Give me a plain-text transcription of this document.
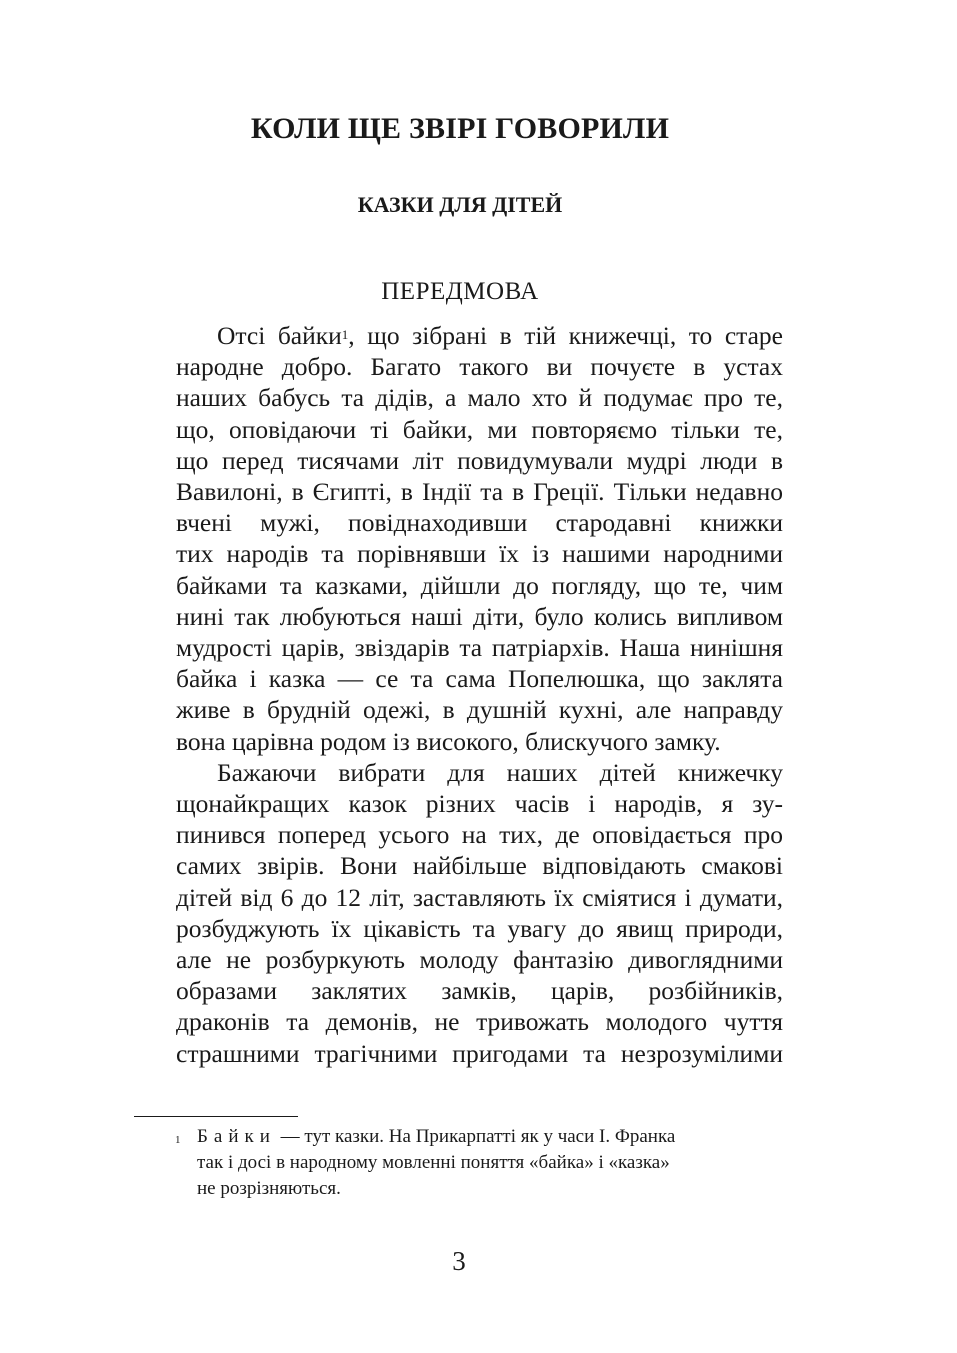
КОЛИ ЩЕ ЗВІРІ ГОВОРИЛИ
КАЗКИ ДЛЯ ДІТЕЙ
ПЕРЕДМОВА
Отсі байки$^1$, що зібрані в тій книжечці, то старе
народне добро. Багато такого ви почуєте в устах
наших бабусь та дідів, а мало хто й подумає про те,
що, оповідаючи ті байки, ми повторяємо тільки те,
що перед тисячами літ повидумували мудрі люди в
Вавилоні, в Єгипті, в Індії та в Греції. Тільки недавно
вчені мужі, повіднаходивши стародавні книжки
тих народів та порівнявши їх із нашими народними
байками та казками, дійшли до погляду, що те, чим
нині так любуються наші діти, було колись випливом
мудрості царів, звіздарів та патріархів. Наша нинішня
байка і казка — се та сама Попелюшка, що заклята
живе в брудній одежі, в душній кухні, але направду
вона царівна родом із високого, блискучого замку.
Бажаючи вибрати для наших дітей книжечку
щонайкращих казок різних часів і народів, я зу-
пинився поперед усього на тих, де оповідається про
самих звірів. Вони найбільше відповідають смакові
дітей від 6 до 12 літ, заставляють їх сміятися і думати,
розбуджують їх цікавість та увагу до явищ природи,
але не розбуркують молоду фантазію дивоглядними
образами заклятих замків, царів, розбійників,
драконів та демонів, не тривожать молодого чуття
страшними трагічними пригодами та незрозумілими
1 Байки — тут казки. На Прикарпатті як у часи І. Франка
так і досі в народному мовленні поняття «байка» і «казка»
не розрізняються.
3
